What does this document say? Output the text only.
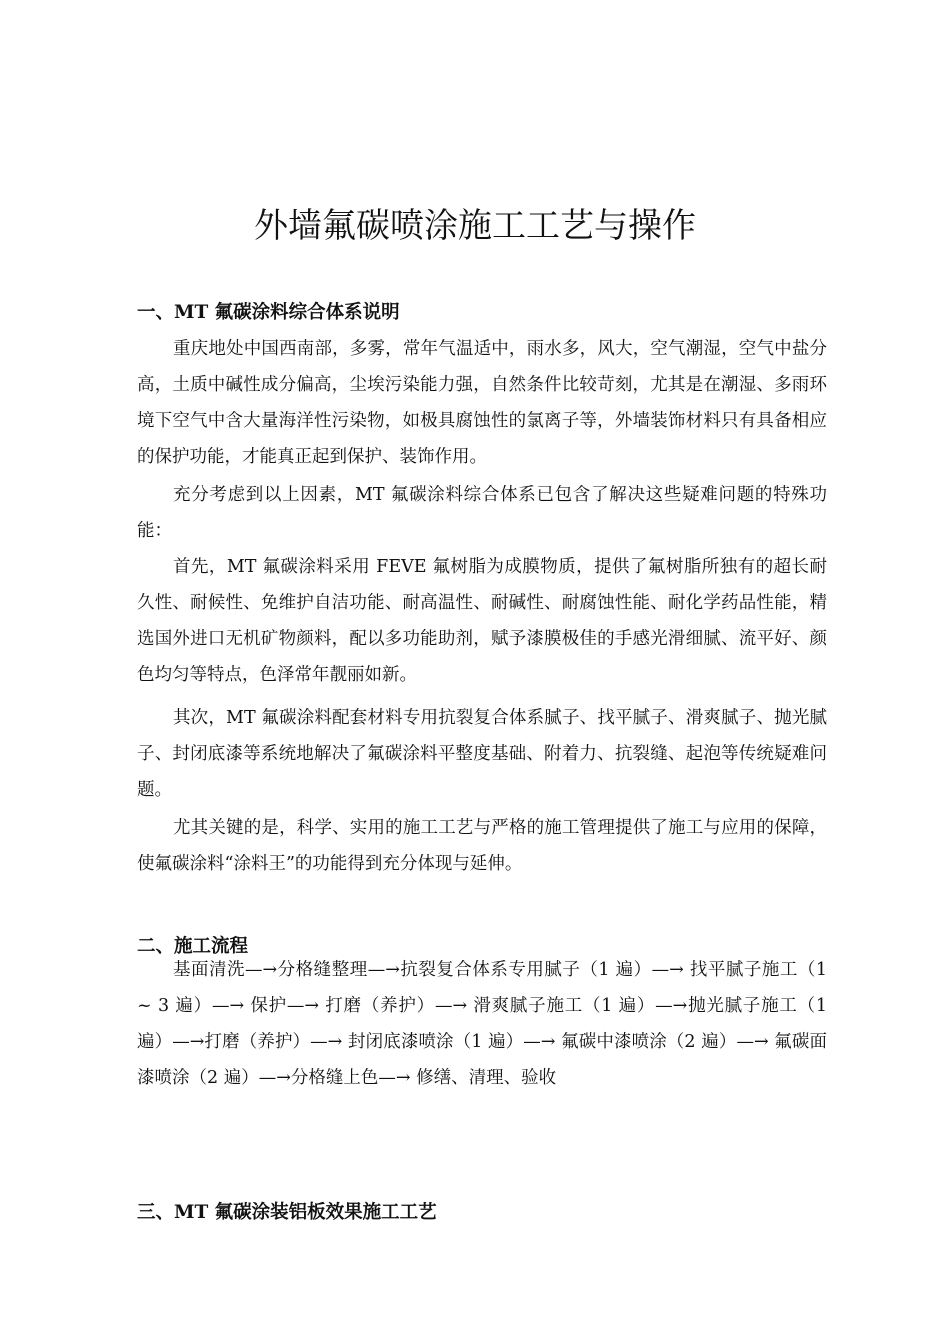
外墙氟碳喷涂施工工艺与操作
一、MT 氟碳涂料综合体系说明

重庆地处中国西南部，多雾，常年气温适中，雨水多，风大，空气潮湿，空气中盐分高，土质中碱性成分偏高，尘埃污染能力强，自然条件比较苛刻，尤其是在潮湿、多雨环境下空气中含大量海洋性污染物，如极具腐蚀性的氯离子等，外墙装饰材料只有具备相应的保护功能，才能真正起到保护、装饰作用。

充分考虑到以上因素，MT 氟碳涂料综合体系已包含了解决这些疑难问题的特殊功能：

首先，MT 氟碳涂料采用 FEVE 氟树脂为成膜物质，提供了氟树脂所独有的超长耐久性、耐候性、免维护自洁功能、耐高温性、耐碱性、耐腐蚀性能、耐化学药品性能，精选国外进口无机矿物颜料，配以多功能助剂，赋予漆膜极佳的手感光滑细腻、流平好、颜色均匀等特点，色泽常年靓丽如新。

其次，MT 氟碳涂料配套材料专用抗裂复合体系腻子、找平腻子、滑爽腻子、抛光腻子、封闭底漆等系统地解决了氟碳涂料平整度基础、附着力、抗裂缝、起泡等传统疑难问题。

尤其关键的是，科学、实用的施工工艺与严格的施工管理提供了施工与应用的保障，使氟碳涂料“涂料王”的功能得到充分体现与延伸。

二、施工流程

基面清洗—→分格缝整理—→抗裂复合体系专用腻子（1 遍）—→ 找平腻子施工（1 ~ 3 遍）—→ 保护—→ 打磨（养护）—→ 滑爽腻子施工（1 遍）—→抛光腻子施工（1 遍）—→打磨（养护）—→ 封闭底漆喷涂（1 遍）—→ 氟碳中漆喷涂（2 遍）—→ 氟碳面漆喷涂（2 遍）—→分格缝上色—→ 修缮、清理、验收

三、MT 氟碳涂装铝板效果施工工艺
